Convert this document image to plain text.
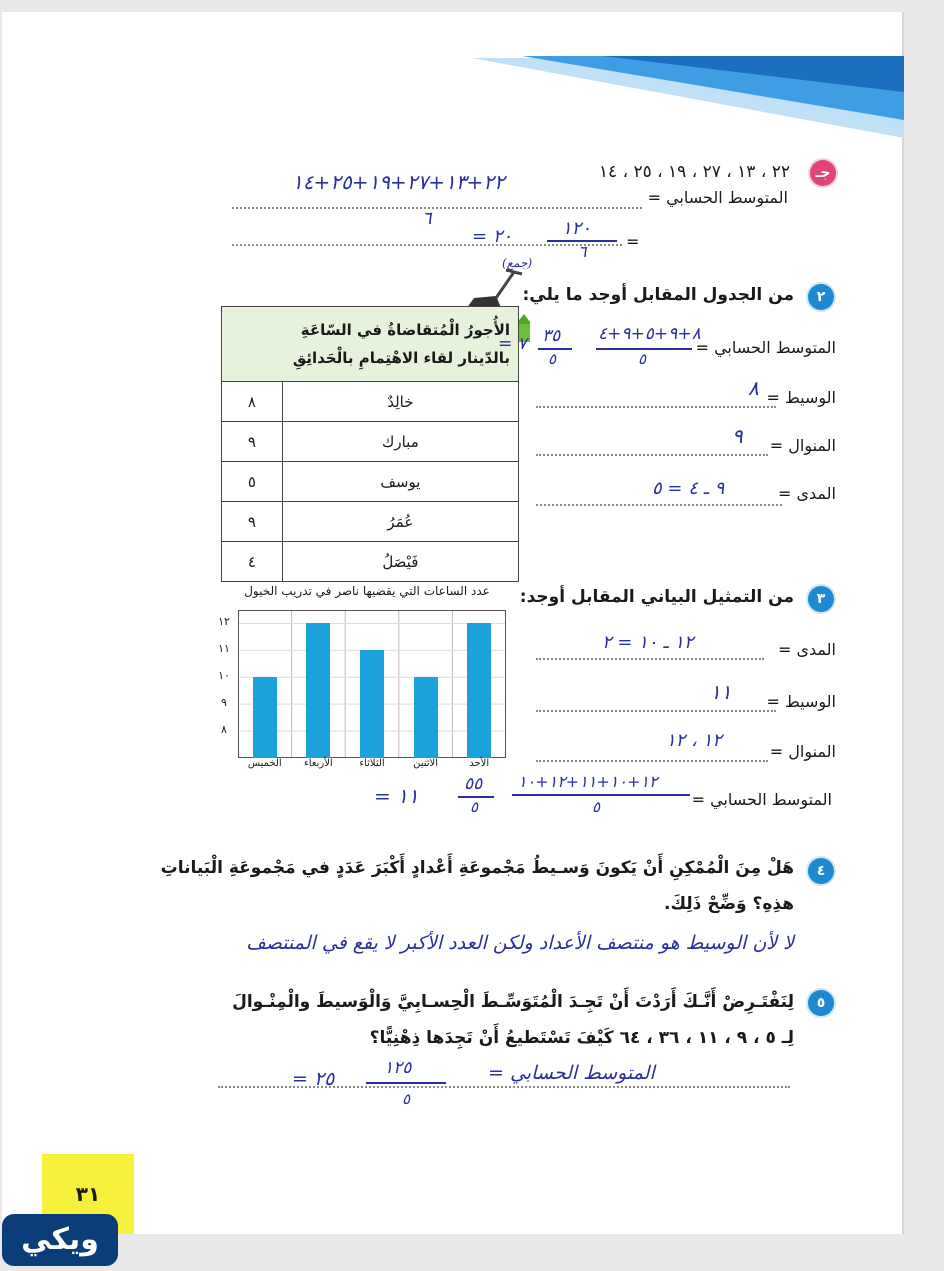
جـ
٢٢ ، ١٣ ، ٢٧ ، ١٩ ، ٢٥ ، ١٤
المتوسط الحسابي =
٢٢+١٣+٢٧+١٩+٢٥+١٤
٦
=
١٢٠
٦
= ٢٠
٢
من الجدول المقابل أوجد ما يلي:
(جمع)
الأُجورُ الْمُتقاضاةُ في السّاعَةِ بالدّينار لقاء الاهْتِمامِ بالْحَدائِقِ	
٨	خالِدٌ
٩	مبارك
٥	يوسف
٩	عُمَرُ
٤	فَيْصَلُ
المتوسط الحسابي =
٨+٩+٥+٩+٤
٥
٣٥
٥
= ٧
الوسيط =
٨
المنوال =
٩
المدى =
٩ ـ ٤ = ٥
٣
من التمثيل البياني المقابل أوجد:
عدد الساعات التي يقضيها ناصر في تدريب الخيول
٨
٩
١٠
١١
١٢
الأحد
الاثنين
الثلاثاء
الأربعاء
الخميس
المدى =
١٢ ـ ١٠ = ٢
الوسيط =
١١
المنوال =
١٢ ، ١٢
المتوسط الحسابي =
١٢+١٠+١١+١٢+١٠
٥
٥٥
٥
= ١١
٤
هَلْ مِنَ الْمُمْكِنِ أَنْ يَكونَ وَسـيطُ مَجْموعَةِ أَعْدادٍ أَكْبَرَ عَدَدٍ في مَجْموعَةِ الْبَياناتِ
هذِهِ؟ وَضِّحْ ذَلِكَ.
لا لأن الوسيط هو منتصف الأعداد ولكن العدد الأكبر لا يقع في المنتصف
٥
لِنَفْتَـرِضْ أَنَّـكَ أَرَدْتَ أَنْ تَجِـدَ الْمُتَوَسِّـطَ الْحِسـابِيَّ وَالْوَسيطَ والْمِنْـوالَ
لِـ ٥ ، ٩ ، ١١ ، ٣٦ ، ٦٤ كَيْفَ تَسْتَطيعُ أَنْ تَجِدَها ذِهْنِيًّا؟
المتوسط الحسابي =
١٢٥
٥
= ٢٥
٣١
ويكي
